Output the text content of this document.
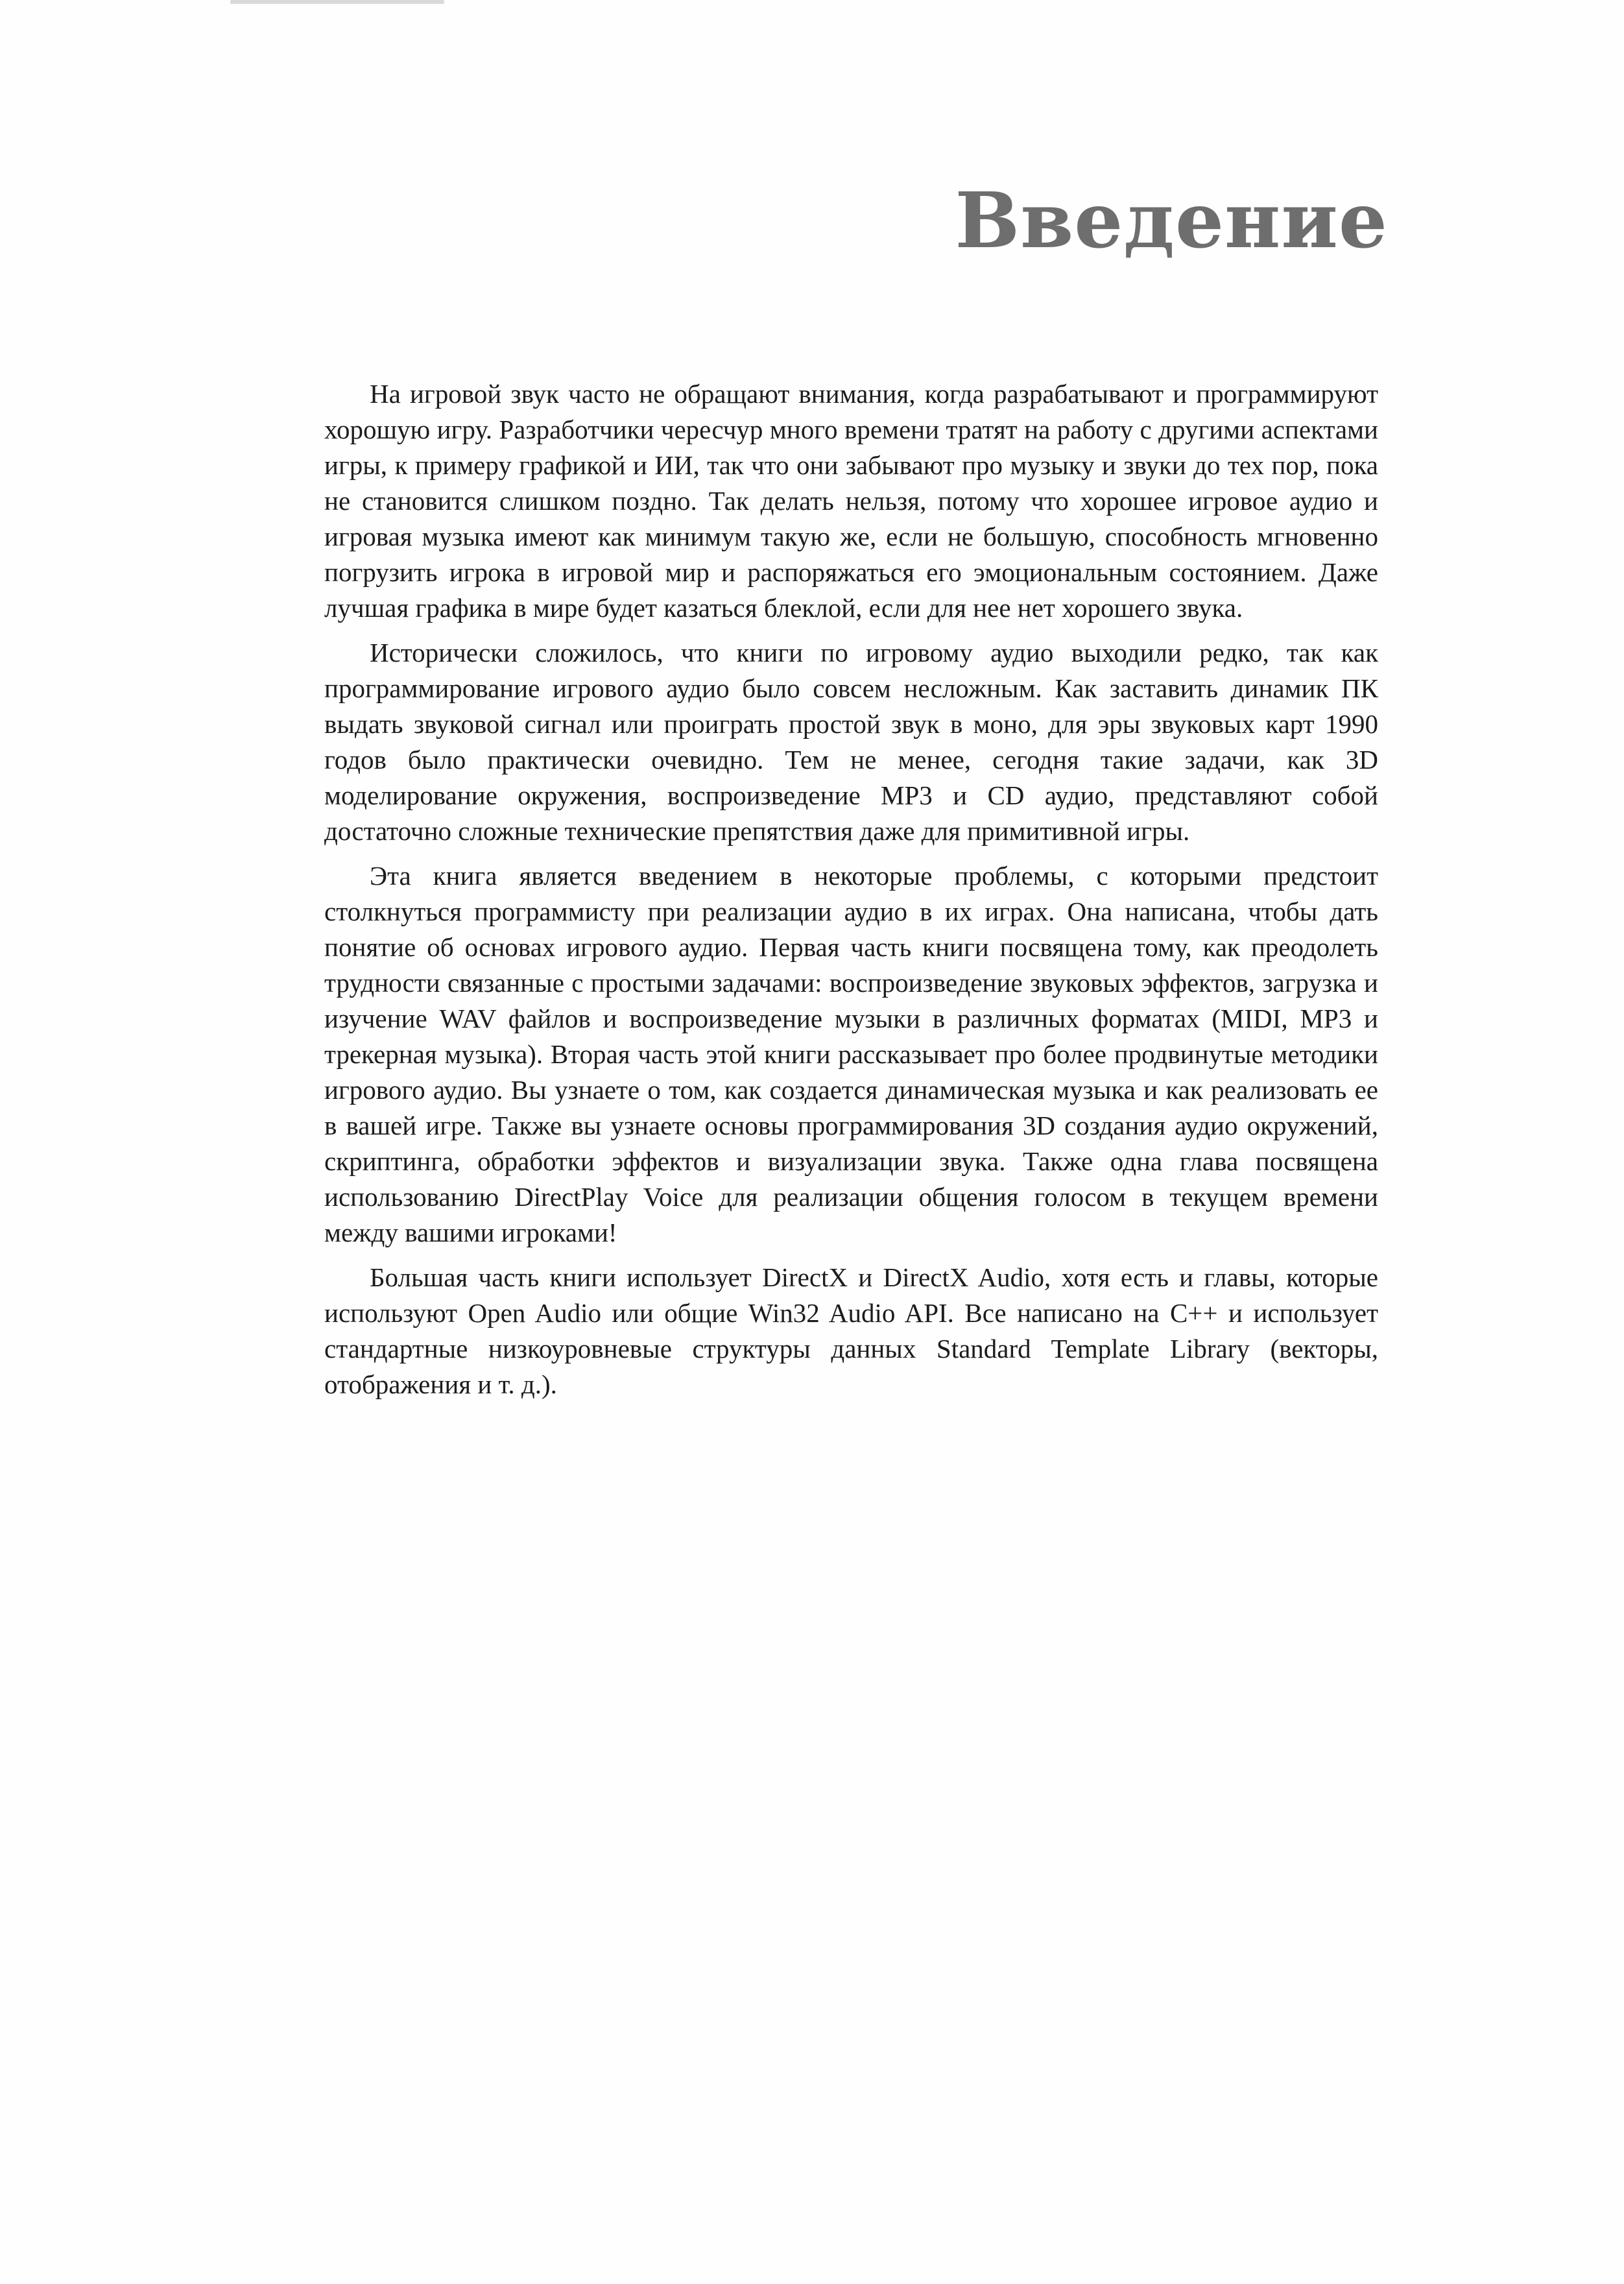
Введение

На игровой звук часто не обращают внимания, когда разрабатывают и программируют хорошую игру. Разработчики чересчур много времени тратят на работу с другими аспектами игры, к примеру графикой и ИИ, так что они забывают про музыку и звуки до тех пор, пока не становится слишком поздно. Так делать нельзя, потому что хорошее игровое аудио и игровая музыка имеют как минимум такую же, если не большую, способность мгновенно погрузить игрока в игровой мир и распоряжаться его эмоциональным состоянием. Даже лучшая графика в мире будет казаться блеклой, если для нее нет хорошего звука.

Исторически сложилось, что книги по игровому аудио выходили редко, так как программирование игрового аудио было совсем несложным. Как заставить динамик ПК выдать звуковой сигнал или проиграть простой звук в моно, для эры звуковых карт 1990 годов было практически очевидно. Тем не менее, сегодня такие задачи, как 3D моделирование окружения, воспроизведение MP3 и CD аудио, представляют собой достаточно сложные технические препятствия даже для примитивной игры.

Эта книга является введением в некоторые проблемы, с которыми предстоит столкнуться программисту при реализации аудио в их играх. Она написана, чтобы дать понятие об основах игрового аудио. Первая часть книги посвящена тому, как преодолеть трудности связанные с простыми задачами: воспроизведение звуковых эффектов, загрузка и изучение WAV файлов и воспроизведение музыки в различных форматах (MIDI, MP3 и трекерная музыка). Вторая часть этой книги рассказывает про более продвинутые методики игрового аудио. Вы узнаете о том, как создается динамическая музыка и как реализовать ее в вашей игре. Также вы узнаете основы программирования 3D создания аудио окружений, скриптинга, обработки эффектов и визуализации звука. Также одна глава посвящена использованию DirectPlay Voice для реализации общения голосом в текущем времени между вашими игроками!

Большая часть книги использует DirectX и DirectX Audio, хотя есть и главы, которые используют Open Audio или общие Win32 Audio API. Все написано на C++ и использует стандартные низкоуровневые структуры данных Standard Template Library (векторы, отображения и т. д.).
